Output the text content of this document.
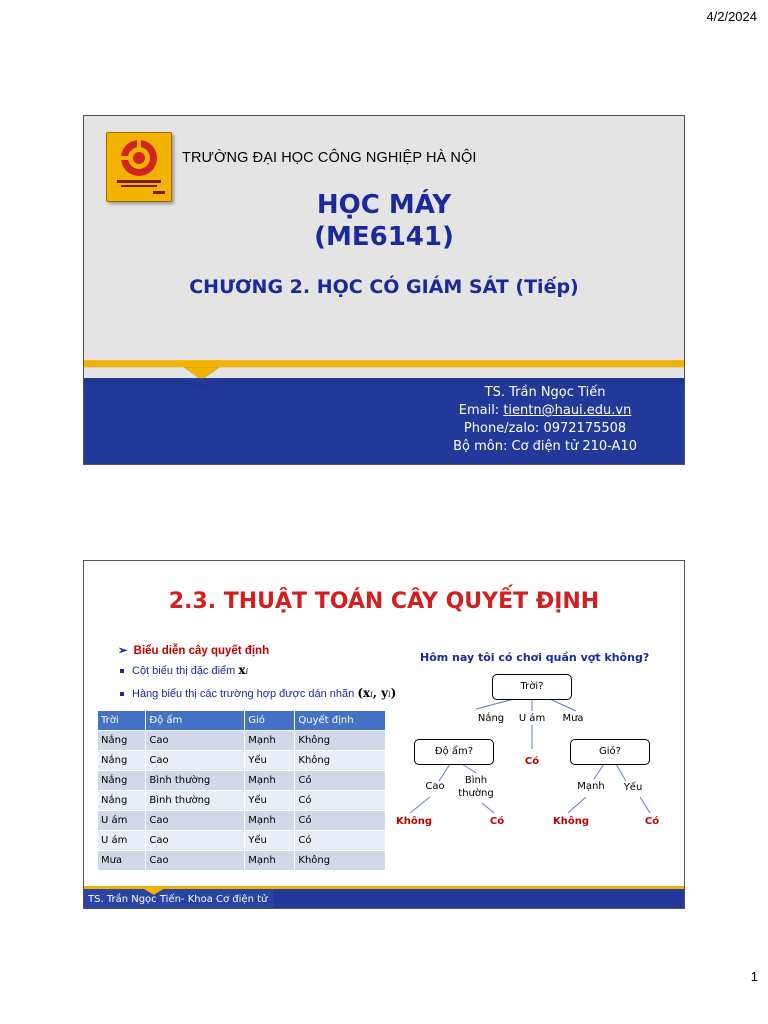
4/2/2024
TRƯỜNG ĐẠI HỌC CÔNG NGHIỆP HÀ NỘI
HỌC MÁY
(ME6141)
CHƯƠNG 2. HỌC CÓ GIÁM SÁT (Tiếp)
TS. Trần Ngọc Tiến
Email: tientn@haui.edu.vn
Phone/zalo: 0972175508
Bộ môn: Cơ điện tử 210-A10
2.3. THUẬT TOÁN CÂY QUYẾT ĐỊNH
➢ Biểu diễn cây quyết định
Cột biểu thị đặc điểm xi
Hàng biểu thị các trường hợp được dán nhãn (xi, yi)
Trời	Độ ẩm	Gió	Quyết định
Nắng	Cao	Mạnh	Không
Nắng	Cao	Yếu	Không
Nắng	Bình thường	Mạnh	Có
Nắng	Bình thường	Yếu	Có
U ám	Cao	Mạnh	Có
U ám	Cao	Yếu	Có
Mưa	Cao	Mạnh	Không
Hôm nay tôi có chơi quần vợt không?
Trời?
Nắng U ám	Mưa
Độ ẩm?
Có
Gió?
Cao
Bình
thường
Mạnh	Yếu
Không	Có	Không	Có
TS. Trần Ngọc Tiến- Khoa Cơ điện tử
1
